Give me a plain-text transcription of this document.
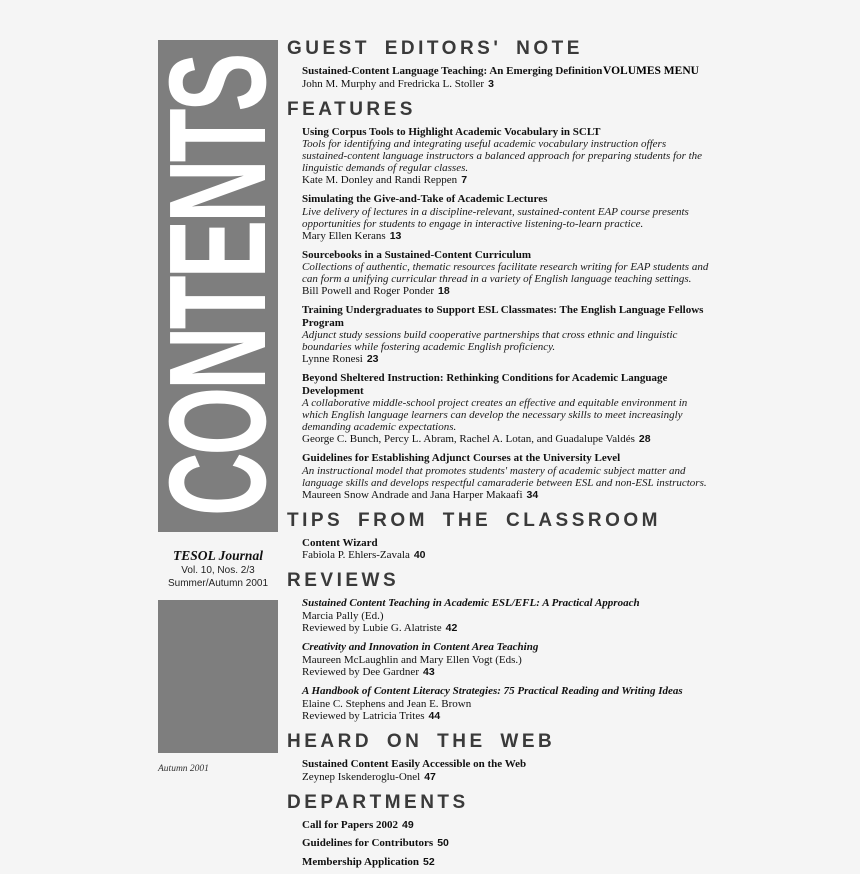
CONTENTS
TESOL Journal
Vol. 10, Nos. 2/3
Summer/Autumn 2001
Autumn 2001
VOLUMES MENU
GUEST EDITORS' NOTE
Sustained-Content Language Teaching: An Emerging Definition
John M. Murphy and Fredricka L. Stoller 3
FEATURES
Using Corpus Tools to Highlight Academic Vocabulary in SCLT
Tools for identifying and integrating useful academic vocabulary instruction offers sustained-content language instructors a balanced approach for preparing students for the linguistic demands of regular classes.
Kate M. Donley and Randi Reppen 7
Simulating the Give-and-Take of Academic Lectures
Live delivery of lectures in a discipline-relevant, sustained-content EAP course presents opportunities for students to engage in interactive listening-to-learn practice.
Mary Ellen Kerans 13
Sourcebooks in a Sustained-Content Curriculum
Collections of authentic, thematic resources facilitate research writing for EAP students and can form a unifying curricular thread in a variety of English language teaching settings.
Bill Powell and Roger Ponder 18
Training Undergraduates to Support ESL Classmates: The English Language Fellows Program
Adjunct study sessions build cooperative partnerships that cross ethnic and linguistic boundaries while fostering academic English proficiency.
Lynne Ronesi 23
Beyond Sheltered Instruction: Rethinking Conditions for Academic Language Development
A collaborative middle-school project creates an effective and equitable environment in which English language learners can develop the necessary skills to meet increasingly demanding academic expectations.
George C. Bunch, Percy L. Abram, Rachel A. Lotan, and Guadalupe Valdés 28
Guidelines for Establishing Adjunct Courses at the University Level
An instructional model that promotes students' mastery of academic subject matter and language skills and develops respectful camaraderie between ESL and non-ESL instructors.
Maureen Snow Andrade and Jana Harper Makaafi 34
TIPS FROM THE CLASSROOM
Content Wizard
Fabiola P. Ehlers-Zavala 40
REVIEWS
Sustained Content Teaching in Academic ESL/EFL: A Practical Approach
Marcia Pally (Ed.)
Reviewed by Lubie G. Alatriste 42
Creativity and Innovation in Content Area Teaching
Maureen McLaughlin and Mary Ellen Vogt (Eds.)
Reviewed by Dee Gardner 43
A Handbook of Content Literacy Strategies: 75 Practical Reading and Writing Ideas
Elaine C. Stephens and Jean E. Brown
Reviewed by Latricia Trites 44
HEARD ON THE WEB
Sustained Content Easily Accessible on the Web
Zeynep Iskenderoglu-Onel 47
DEPARTMENTS
Call for Papers 2002 49
Guidelines for Contributors 50
Membership Application 52
